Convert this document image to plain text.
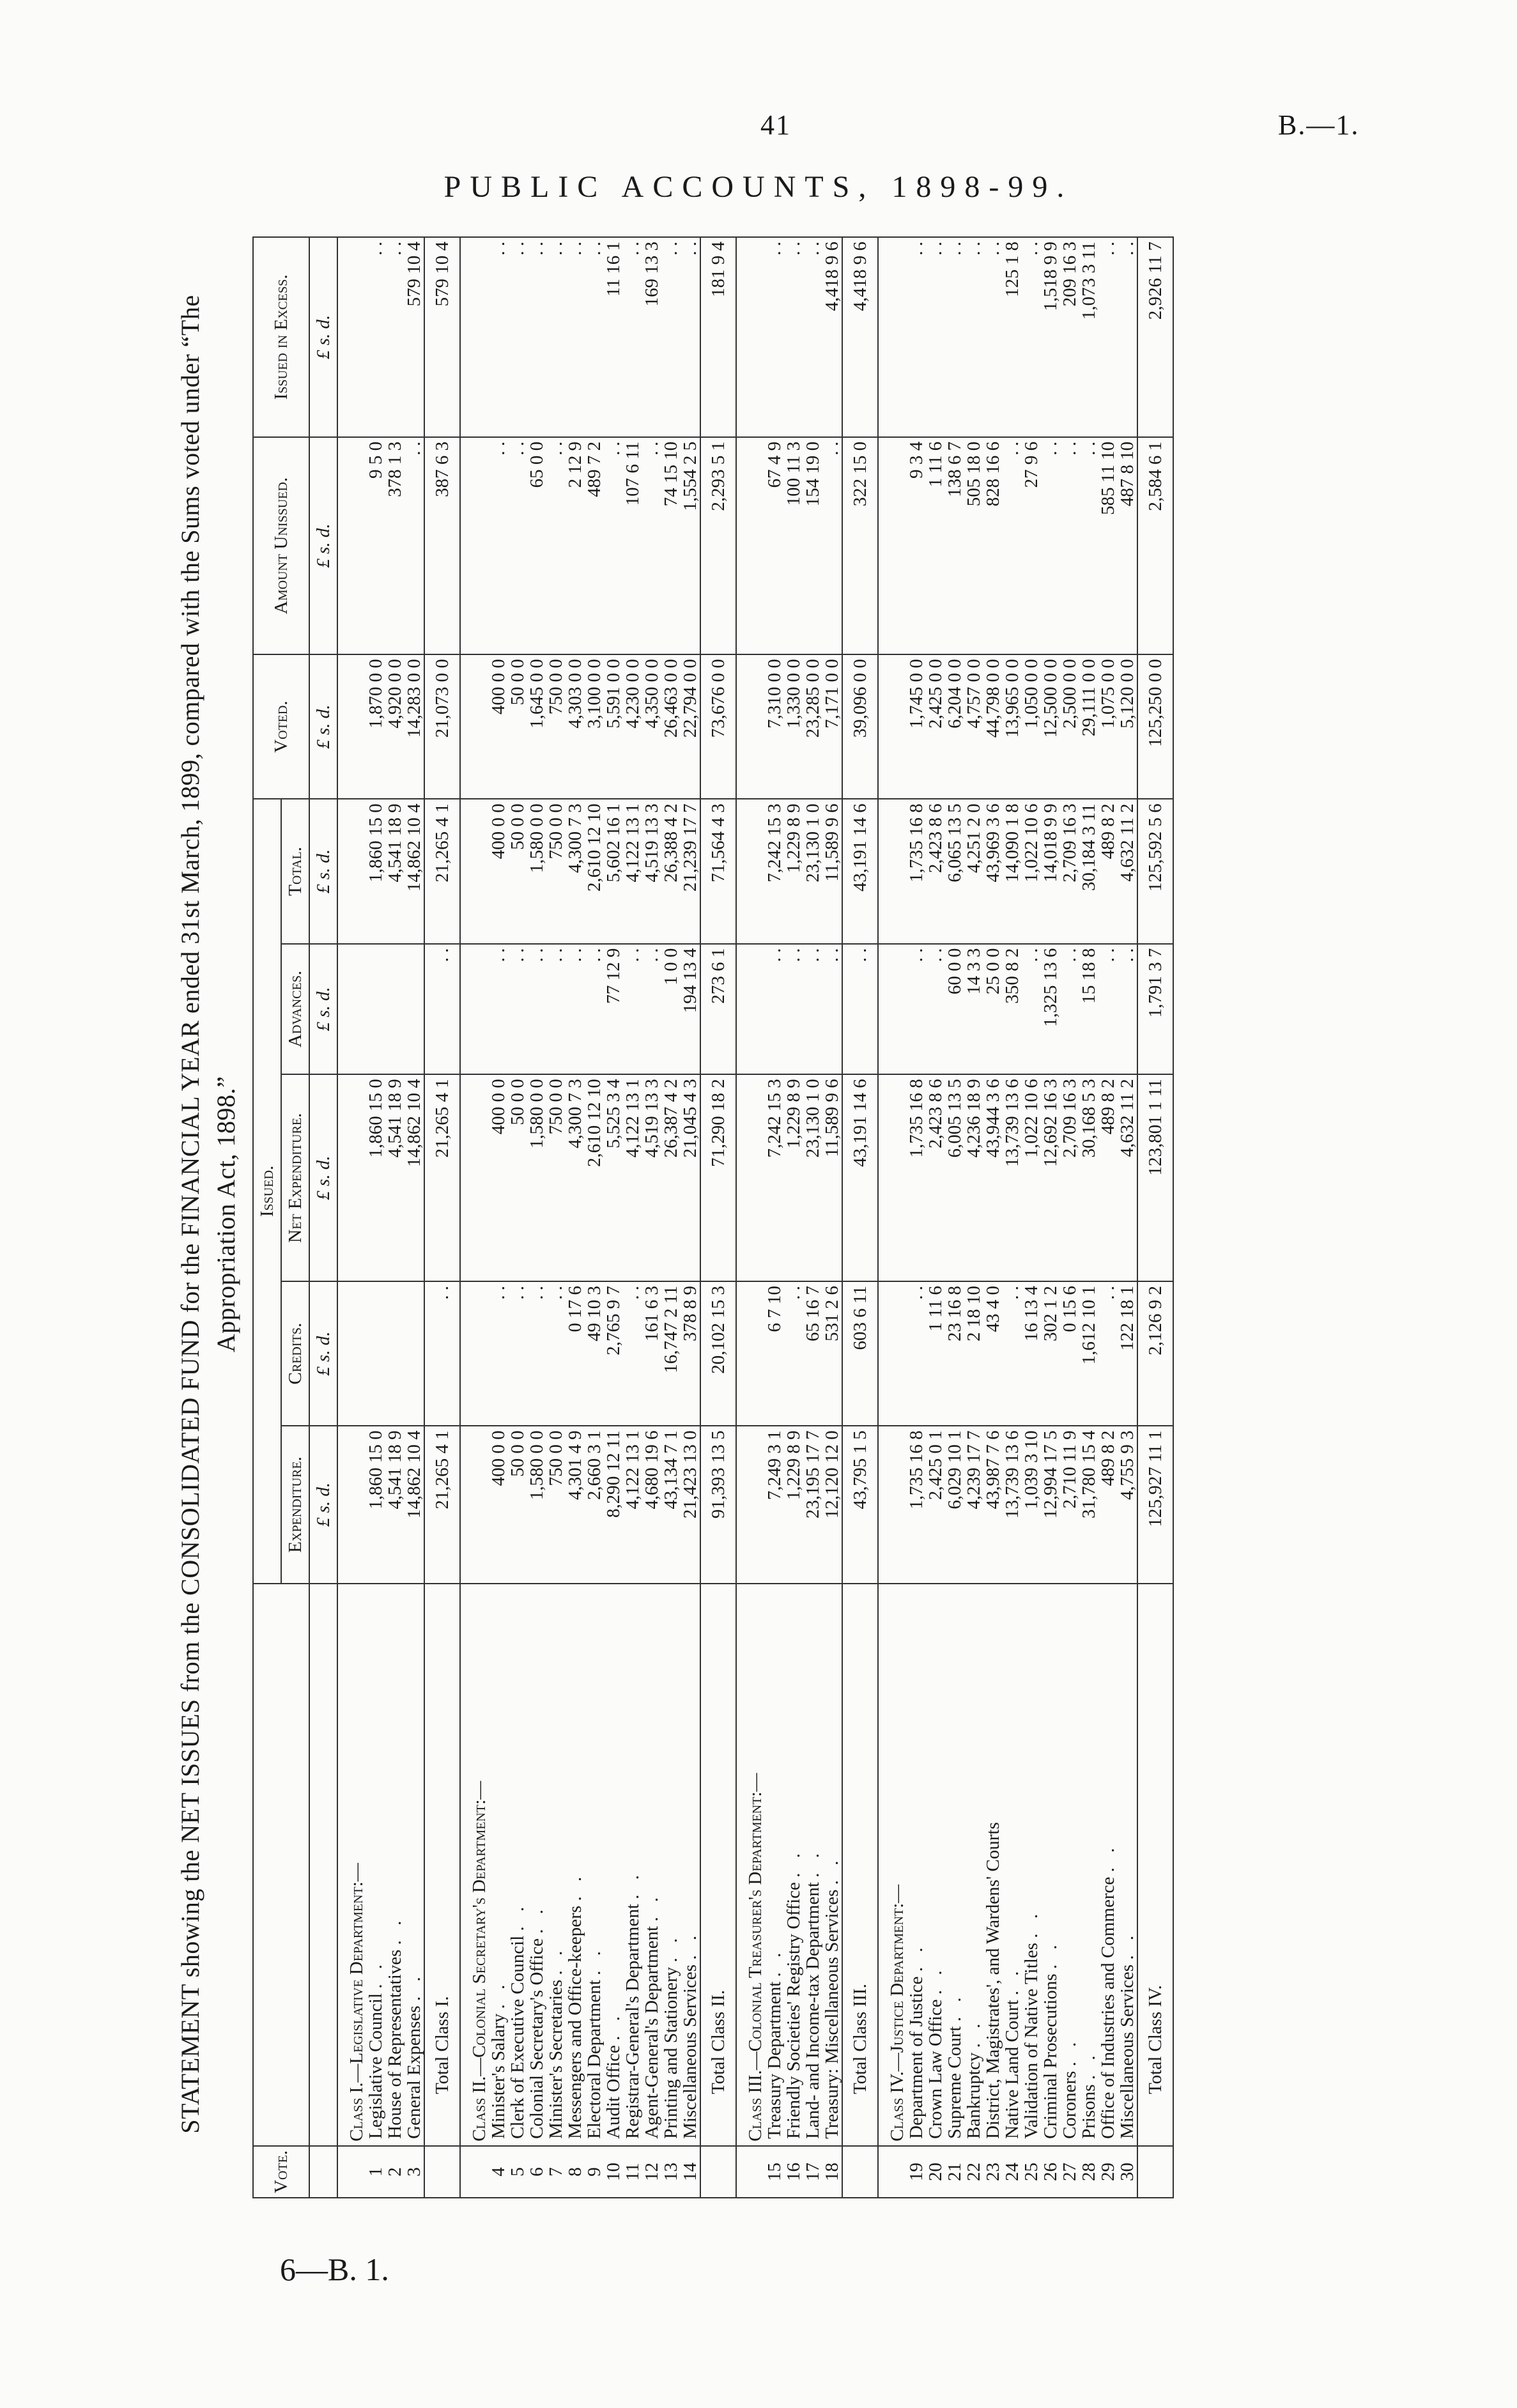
41	B.—1.
PUBLIC ACCOUNTS, 1898-99.
STATEMENT showing the NET ISSUES from the CONSOLIDATED FUND for the FINANCIAL YEAR ended 31st March, 1899, compared with the Sums voted under “The Appropriation Act, 1898.”
Vote.		Issued.					Voted.	Amount Unissued.	Issued in Excess.
		Expenditure.	Credits.	Net Expenditure.	Advances.	Total.			
		£ s. d.	£ s. d.	£ s. d.	£ s. d.	£ s. d.	£ s. d.	£ s. d.	£ s. d.
	Class I.—Legislative Department:—								
1	Legislative Council . .	1,860 15 0		1,860 15 0		1,860 15 0	1,870 0 0	9 5 0	. .
2	House of Representatives . .	4,541 18 9		4,541 18 9		4,541 18 9	4,920 0 0	378 1 3	. .
3	General Expenses . .	14,862 10 4		14,862 10 4		14,862 10 4	14,283 0 0	. .	579 10 4
	Total Class I.	21,265 4 1	. .	21,265 4 1	. .	21,265 4 1	21,073 0 0	387 6 3	579 10 4
	Class II.—Colonial Secretary's Department:—								
4	Minister's Salary . .	400 0 0	. .	400 0 0	. .	400 0 0	400 0 0	. .	. .
5	Clerk of Executive Council . .	50 0 0	. .	50 0 0	. .	50 0 0	50 0 0	. .	. .
6	Colonial Secretary's Office . .	1,580 0 0	. .	1,580 0 0	. .	1,580 0 0	1,645 0 0	65 0 0	. .
7	Minister's Secretaries . .	750 0 0	. .	750 0 0	. .	750 0 0	750 0 0	. .	. .
8	Messengers and Office-keepers . .	4,301 4 9	0 17 6	4,300 7 3	. .	4,300 7 3	4,303 0 0	2 12 9	. .
9	Electoral Department . .	2,660 3 1	49 10 3	2,610 12 10	. .	2,610 12 10	3,100 0 0	489 7 2	. .
10	Audit Office . .	8,290 12 11	2,765 9 7	5,525 3 4	77 12 9	5,602 16 1	5,591 0 0	. .	11 16 1
11	Registrar-General's Department . .	4,122 13 1	. .	4,122 13 1	. .	4,122 13 1	4,230 0 0	107 6 11	. .
12	Agent-General's Department . .	4,680 19 6	161 6 3	4,519 13 3	. .	4,519 13 3	4,350 0 0	. .	169 13 3
13	Printing and Stationery . .	43,134 7 1	16,747 2 11	26,387 4 2	1 0 0	26,388 4 2	26,463 0 0	74 15 10	. .
14	Miscellaneous Services . .	21,423 13 0	378 8 9	21,045 4 3	194 13 4	21,239 17 7	22,794 0 0	1,554 2 5	. .
	Total Class II.	91,393 13 5	20,102 15 3	71,290 18 2	273 6 1	71,564 4 3	73,676 0 0	2,293 5 1	181 9 4
	Class III.—Colonial Treasurer's Department:—								
15	Treasury Department . .	7,249 3 1	6 7 10	7,242 15 3	. .	7,242 15 3	7,310 0 0	67 4 9	. .
16	Friendly Societies' Registry Office . .	1,229 8 9	. .	1,229 8 9	. .	1,229 8 9	1,330 0 0	100 11 3	. .
17	Land- and Income-tax Department . .	23,195 17 7	65 16 7	23,130 1 0	. .	23,130 1 0	23,285 0 0	154 19 0	. .
18	Treasury: Miscellaneous Services . .	12,120 12 0	531 2 6	11,589 9 6	. .	11,589 9 6	7,171 0 0	. .	4,418 9 6
	Total Class III.	43,795 1 5	603 6 11	43,191 14 6	. .	43,191 14 6	39,096 0 0	322 15 0	4,418 9 6
	Class IV.—Justice Department:—								
19	Department of Justice . .	1,735 16 8	. .	1,735 16 8	. .	1,735 16 8	1,745 0 0	9 3 4	. .
20	Crown Law Office . .	2,425 0 1	1 11 6	2,423 8 6	. .	2,423 8 6	2,425 0 0	1 11 6	. .
21	Supreme Court . .	6,029 10 1	23 16 8	6,005 13 5	60 0 0	6,065 13 5	6,204 0 0	138 6 7	. .
22	Bankruptcy . .	4,239 17 7	2 18 10	4,236 18 9	14 3 3	4,251 2 0	4,757 0 0	505 18 0	. .
23	District, Magistrates', and Wardens' Courts	43,987 7 6	43 4 0	43,944 3 6	25 0 0	43,969 3 6	44,798 0 0	828 16 6	. .
24	Native Land Court . .	13,739 13 6	. .	13,739 13 6	350 8 2	14,090 1 8	13,965 0 0	. .	125 1 8
25	Validation of Native Titles . .	1,039 3 10	16 13 4	1,022 10 6	. .	1,022 10 6	1,050 0 0	27 9 6	. .
26	Criminal Prosecutions . .	12,994 17 5	302 1 2	12,692 16 3	1,325 13 6	14,018 9 9	12,500 0 0	. .	1,518 9 9
27	Coroners . .	2,710 11 9	0 15 6	2,709 16 3	. .	2,709 16 3	2,500 0 0	. .	209 16 3
28	Prisons . .	31,780 15 4	1,612 10 1	30,168 5 3	15 18 8	30,184 3 11	29,111 0 0	. .	1,073 3 11
29	Office of Industries and Commerce . .	489 8 2	. .	489 8 2	. .	489 8 2	1,075 0 0	585 11 10	. .
30	Miscellaneous Services . .	4,755 9 3	122 18 1	4,632 11 2	. .	4,632 11 2	5,120 0 0	487 8 10	. .
	Total Class IV.	125,927 11 1	2,126 9 2	123,801 1 11	1,791 3 7	125,592 5 6	125,250 0 0	2,584 6 1	2,926 11 7
6—B. 1.
